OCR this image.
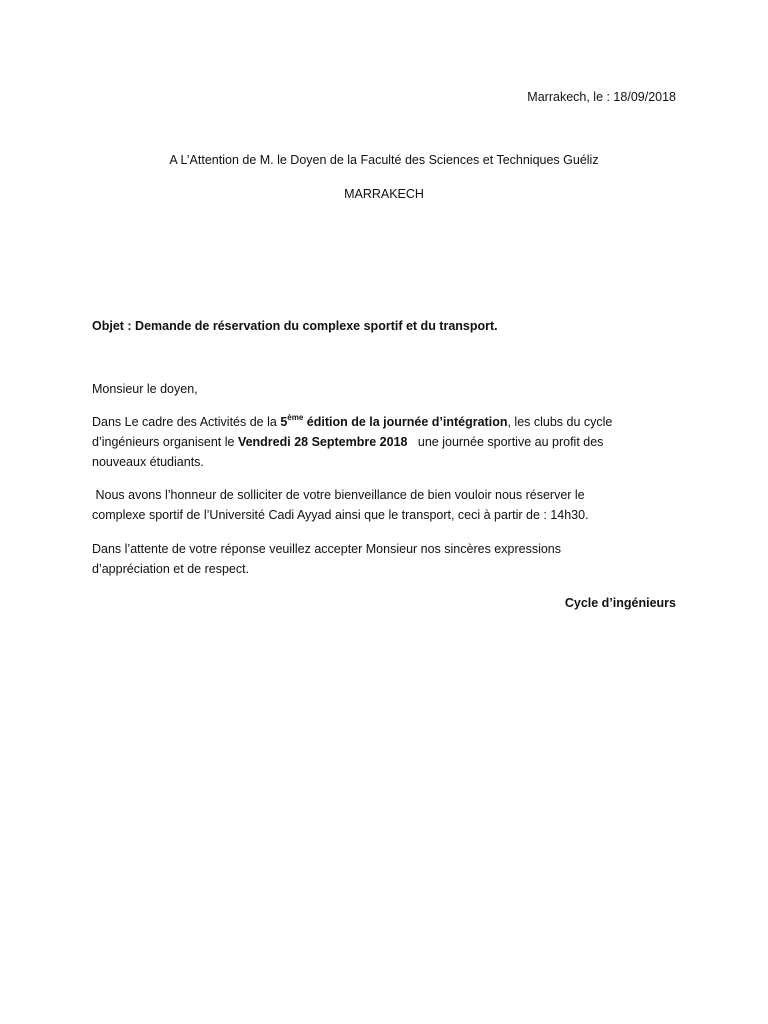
Marrakech, le : 18/09/2018
A L’Attention de M. le Doyen de la Faculté des Sciences et Techniques Guéliz
MARRAKECH
Objet : Demande de réservation du complexe sportif et du transport.
Monsieur le doyen,
Dans Le cadre des Activités de la 5ème édition de la journée d’intégration, les clubs du cycle
d’ingénieurs organisent le Vendredi 28 Septembre 2018   une journée sportive au profit des
nouveaux étudiants.
Nous avons l’honneur de solliciter de votre bienveillance de bien vouloir nous réserver le
complexe sportif de l’Université Cadi Ayyad ainsi que le transport, ceci à partir de : 14h30.
Dans l’attente de votre réponse veuillez accepter Monsieur nos sincères expressions
d’appréciation et de respect.
Cycle d’ingénieurs
